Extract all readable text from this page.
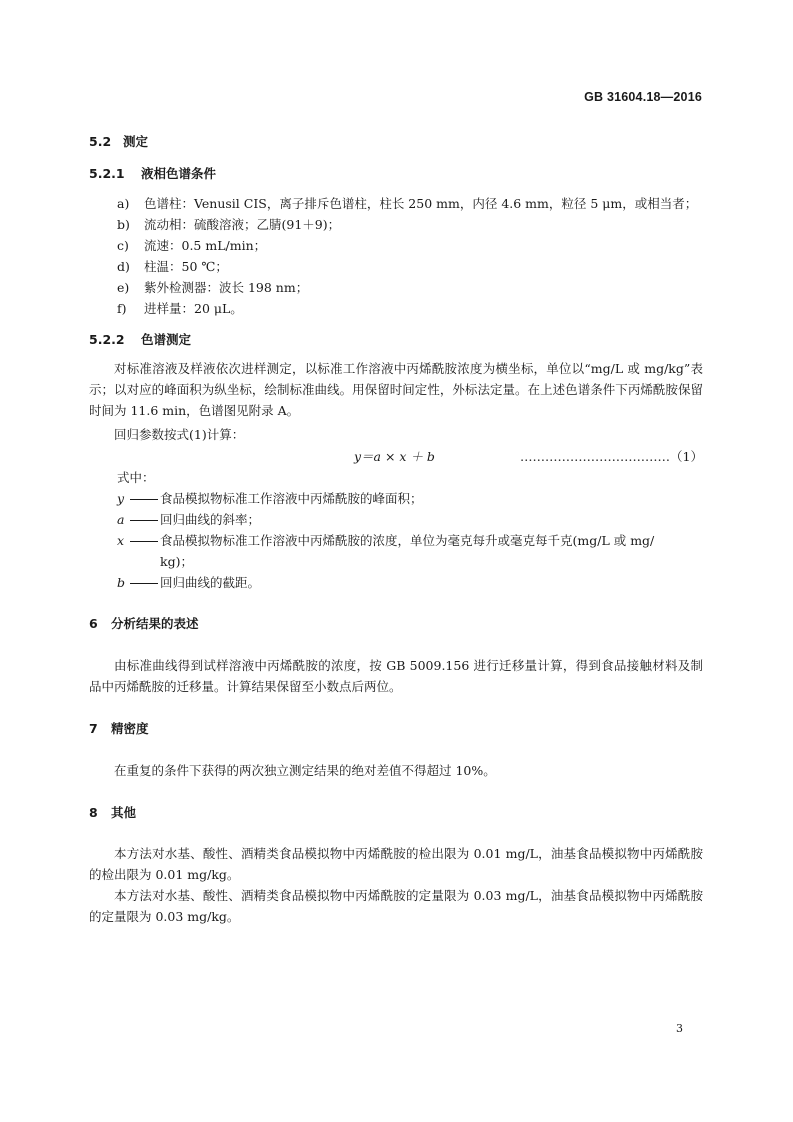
GB 31604.18—2016
5.2 测定
5.2.1 液相色谱条件
a) 色谱柱：Venusil CIS，离子排斥色谱柱，柱长 250 mm，内径 4.6 mm，粒径 5 μm，或相当者；
b) 流动相：硫酸溶液；乙腈(91＋9)；
c) 流速：0.5 mL/min；
d) 柱温：50 ℃；
e) 紫外检测器：波长 198 nm；
f) 进样量：20 μL。
5.2.2 色谱测定
对标准溶液及样液依次进样测定，以标准工作溶液中丙烯酰胺浓度为横坐标，单位以“mg/L 或 mg/kg”表示；以对应的峰面积为纵坐标，绘制标准曲线。用保留时间定性，外标法定量。在上述色谱条件下丙烯酰胺保留时间为 11.6 min，色谱图见附录 A。
回归参数按式(1)计算：
y＝a × x ＋ b	………………………………（1）
式中：
y	食品模拟物标准工作溶液中丙烯酰胺的峰面积；
a	回归曲线的斜率；
x	食品模拟物标准工作溶液中丙烯酰胺的浓度，单位为毫克每升或毫克每千克(mg/L 或 mg/
kg)；
b	回归曲线的截距。
6 分析结果的表述
由标准曲线得到试样溶液中丙烯酰胺的浓度，按 GB 5009.156 进行迁移量计算，得到食品接触材料及制品中丙烯酰胺的迁移量。计算结果保留至小数点后两位。
7 精密度
在重复的条件下获得的两次独立测定结果的绝对差值不得超过 10%。
8 其他
本方法对水基、酸性、酒精类食品模拟物中丙烯酰胺的检出限为 0.01 mg/L，油基食品模拟物中丙烯酰胺的检出限为 0.01 mg/kg。
本方法对水基、酸性、酒精类食品模拟物中丙烯酰胺的定量限为 0.03 mg/L，油基食品模拟物中丙烯酰胺的定量限为 0.03 mg/kg。
3
